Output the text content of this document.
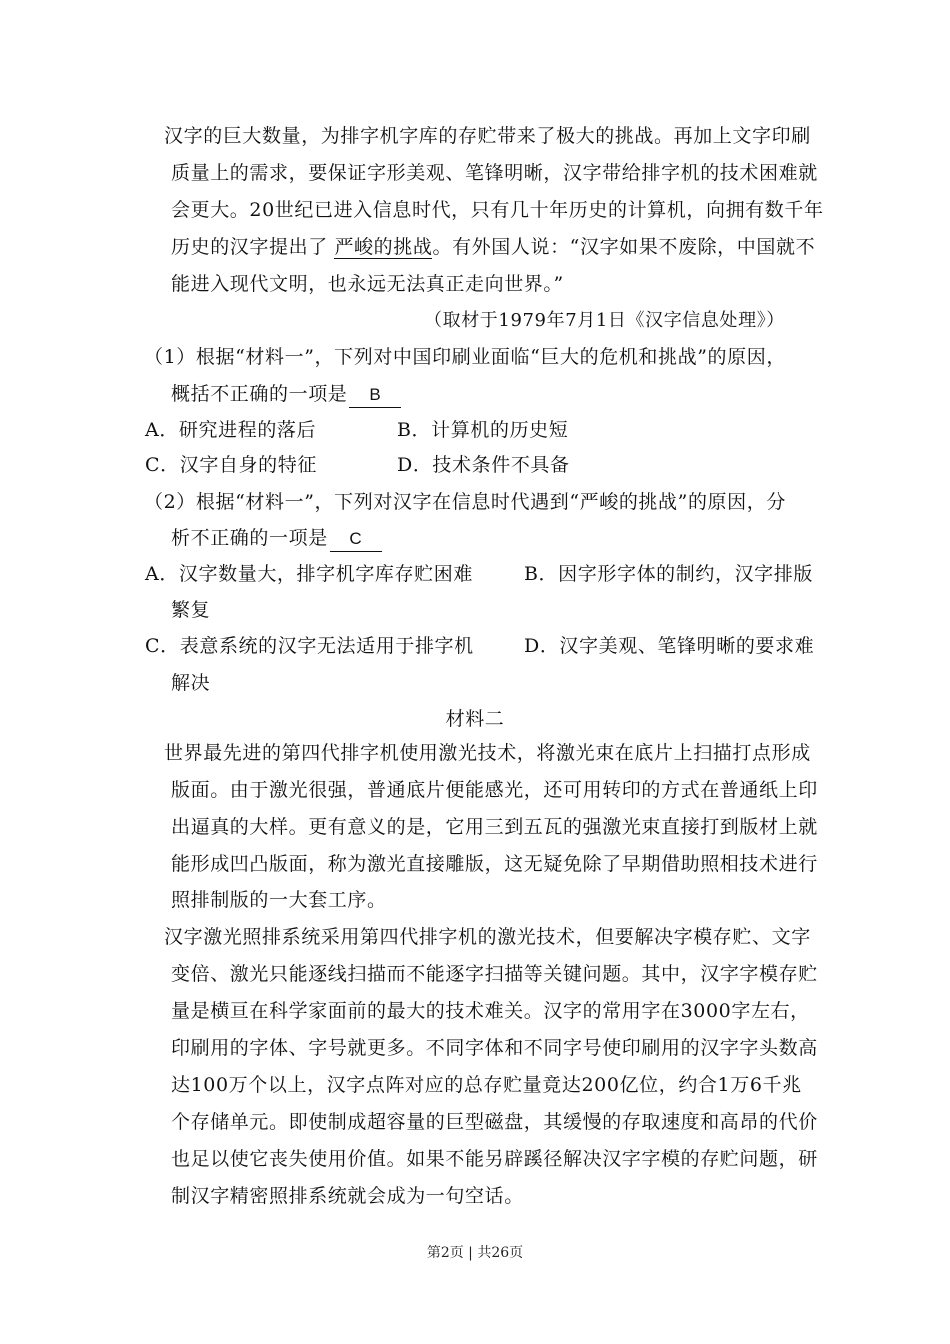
汉字的巨大数量，为排字机字库的存贮带来了极大的挑战。再加上文字印刷
质量上的需求，要保证字形美观、笔锋明晰，汉字带给排字机的技术困难就
会更大。20世纪已进入信息时代，只有几十年历史的计算机，向拥有数千年
历史的汉字提出了 严峻的挑战。有外国人说：“汉字如果不废除，中国就不
能进入现代文明，也永远无法真正走向世界。”
（取材于1979年7月1日《汉字信息处理》）
（1）根据“材料一”，下列对中国印刷业面临“巨大的危机和挑战”的原因，
概括不正确的一项是 B
A．研究进程的落后	B．计算机的历史短
C．汉字自身的特征	D．技术条件不具备
（2）根据“材料一”，下列对汉字在信息时代遇到“严峻的挑战”的原因，分
析不正确的一项是 C
A．汉字数量大，排字机字库存贮困难	B．因字形字体的制约，汉字排版
繁复
C．表意系统的汉字无法适用于排字机	D．汉字美观、笔锋明晰的要求难
解决
材料二
世界最先进的第四代排字机使用激光技术，将激光束在底片上扫描打点形成
版面。由于激光很强，普通底片便能感光，还可用转印的方式在普通纸上印
出逼真的大样。更有意义的是，它用三到五瓦的强激光束直接打到版材上就
能形成凹凸版面，称为激光直接雕版，这无疑免除了早期借助照相技术进行
照排制版的一大套工序。
汉字激光照排系统采用第四代排字机的激光技术，但要解决字模存贮、文字
变倍、激光只能逐线扫描而不能逐字扫描等关键问题。其中，汉字字模存贮
量是横亘在科学家面前的最大的技术难关。汉字的常用字在3000字左右，
印刷用的字体、字号就更多。不同字体和不同字号使印刷用的汉字字头数高
达100万个以上，汉字点阵对应的总存贮量竟达200亿位，约合1万6千兆
个存储单元。即使制成超容量的巨型磁盘，其缓慢的存取速度和高昂的代价
也足以使它丧失使用价值。如果不能另辟蹊径解决汉字字模的存贮问题，研
制汉字精密照排系统就会成为一句空话。
第2页 | 共26页
